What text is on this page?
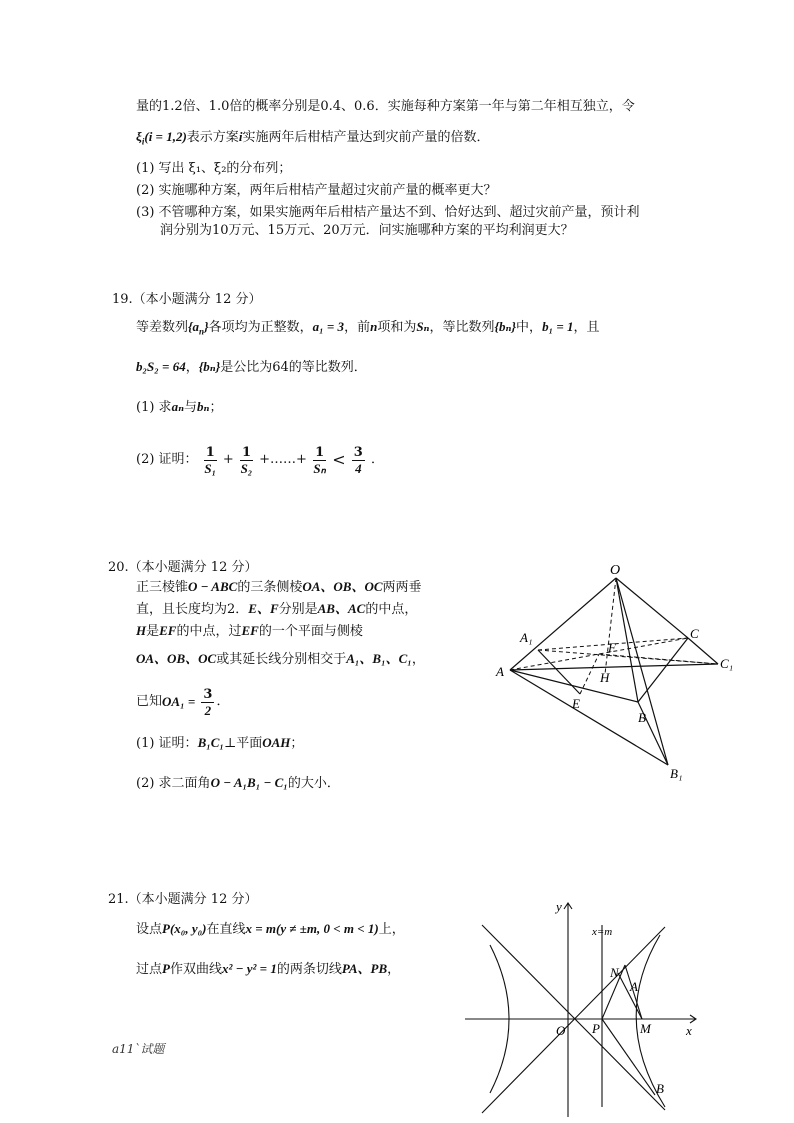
量的1.2倍、1.0倍的概率分别是0.4、0.6．实施每种方案第一年与第二年相互独立，令
$\xi_i(i = 1,2)$表示方案i实施两年后柑桔产量达到灾前产量的倍数．
(1) 写出 ξ₁、ξ₂的分布列；
(2) 实施哪种方案，两年后柑桔产量超过灾前产量的概率更大？
(3) 不管哪种方案，如果实施两年后柑桔产量达不到、恰好达到、超过灾前产量，预计利
润分别为10万元、15万元、20万元．问实施哪种方案的平均利润更大？
19.（本小题满分 12 分）
等差数列$\{a_n\}$各项均为正整数，a₁ = 3，前n项和为Sₙ，等比数列{bₙ}中，b₁ = 1，且
b₂S₂ = 64，{bₙ}是公比为64的等比数列．
(1) 求aₙ与bₙ；
(2) 证明： $\frac{1}{\text{S₁}} + \frac{1}{\text{S₂}}$ +……+ $\frac{1}{\text{Sₙ}} < \frac{3}{4}$ ．
20.（本小题满分 12 分）
正三棱锥O − ABC的三条侧棱OA、OB、OC两两垂
直，且长度均为2．E、F分别是AB、AC的中点，
H是EF的中点，过EF的一个平面与侧棱
OA、OB、OC或其延长线分别相交于A₁、B₁、C₁，
已知$OA_1 = \frac{3}{2}$ ．
(1) 证明：B₁C₁⊥平面OAH；
(2) 求二面角O − A₁B₁ − C₁的大小．
O
A₁
A
F
H
C
C₁
E
B
B₁
21.（本小题满分 12 分）
设点P(x₀, y₀)在直线x = m(y ≠ ±m, 0 < m < 1)上，
过点P作双曲线x² − y² = 1的两条切线PA、PB，
y
x=m
N
A
O P	M	x
B
a11`试题
